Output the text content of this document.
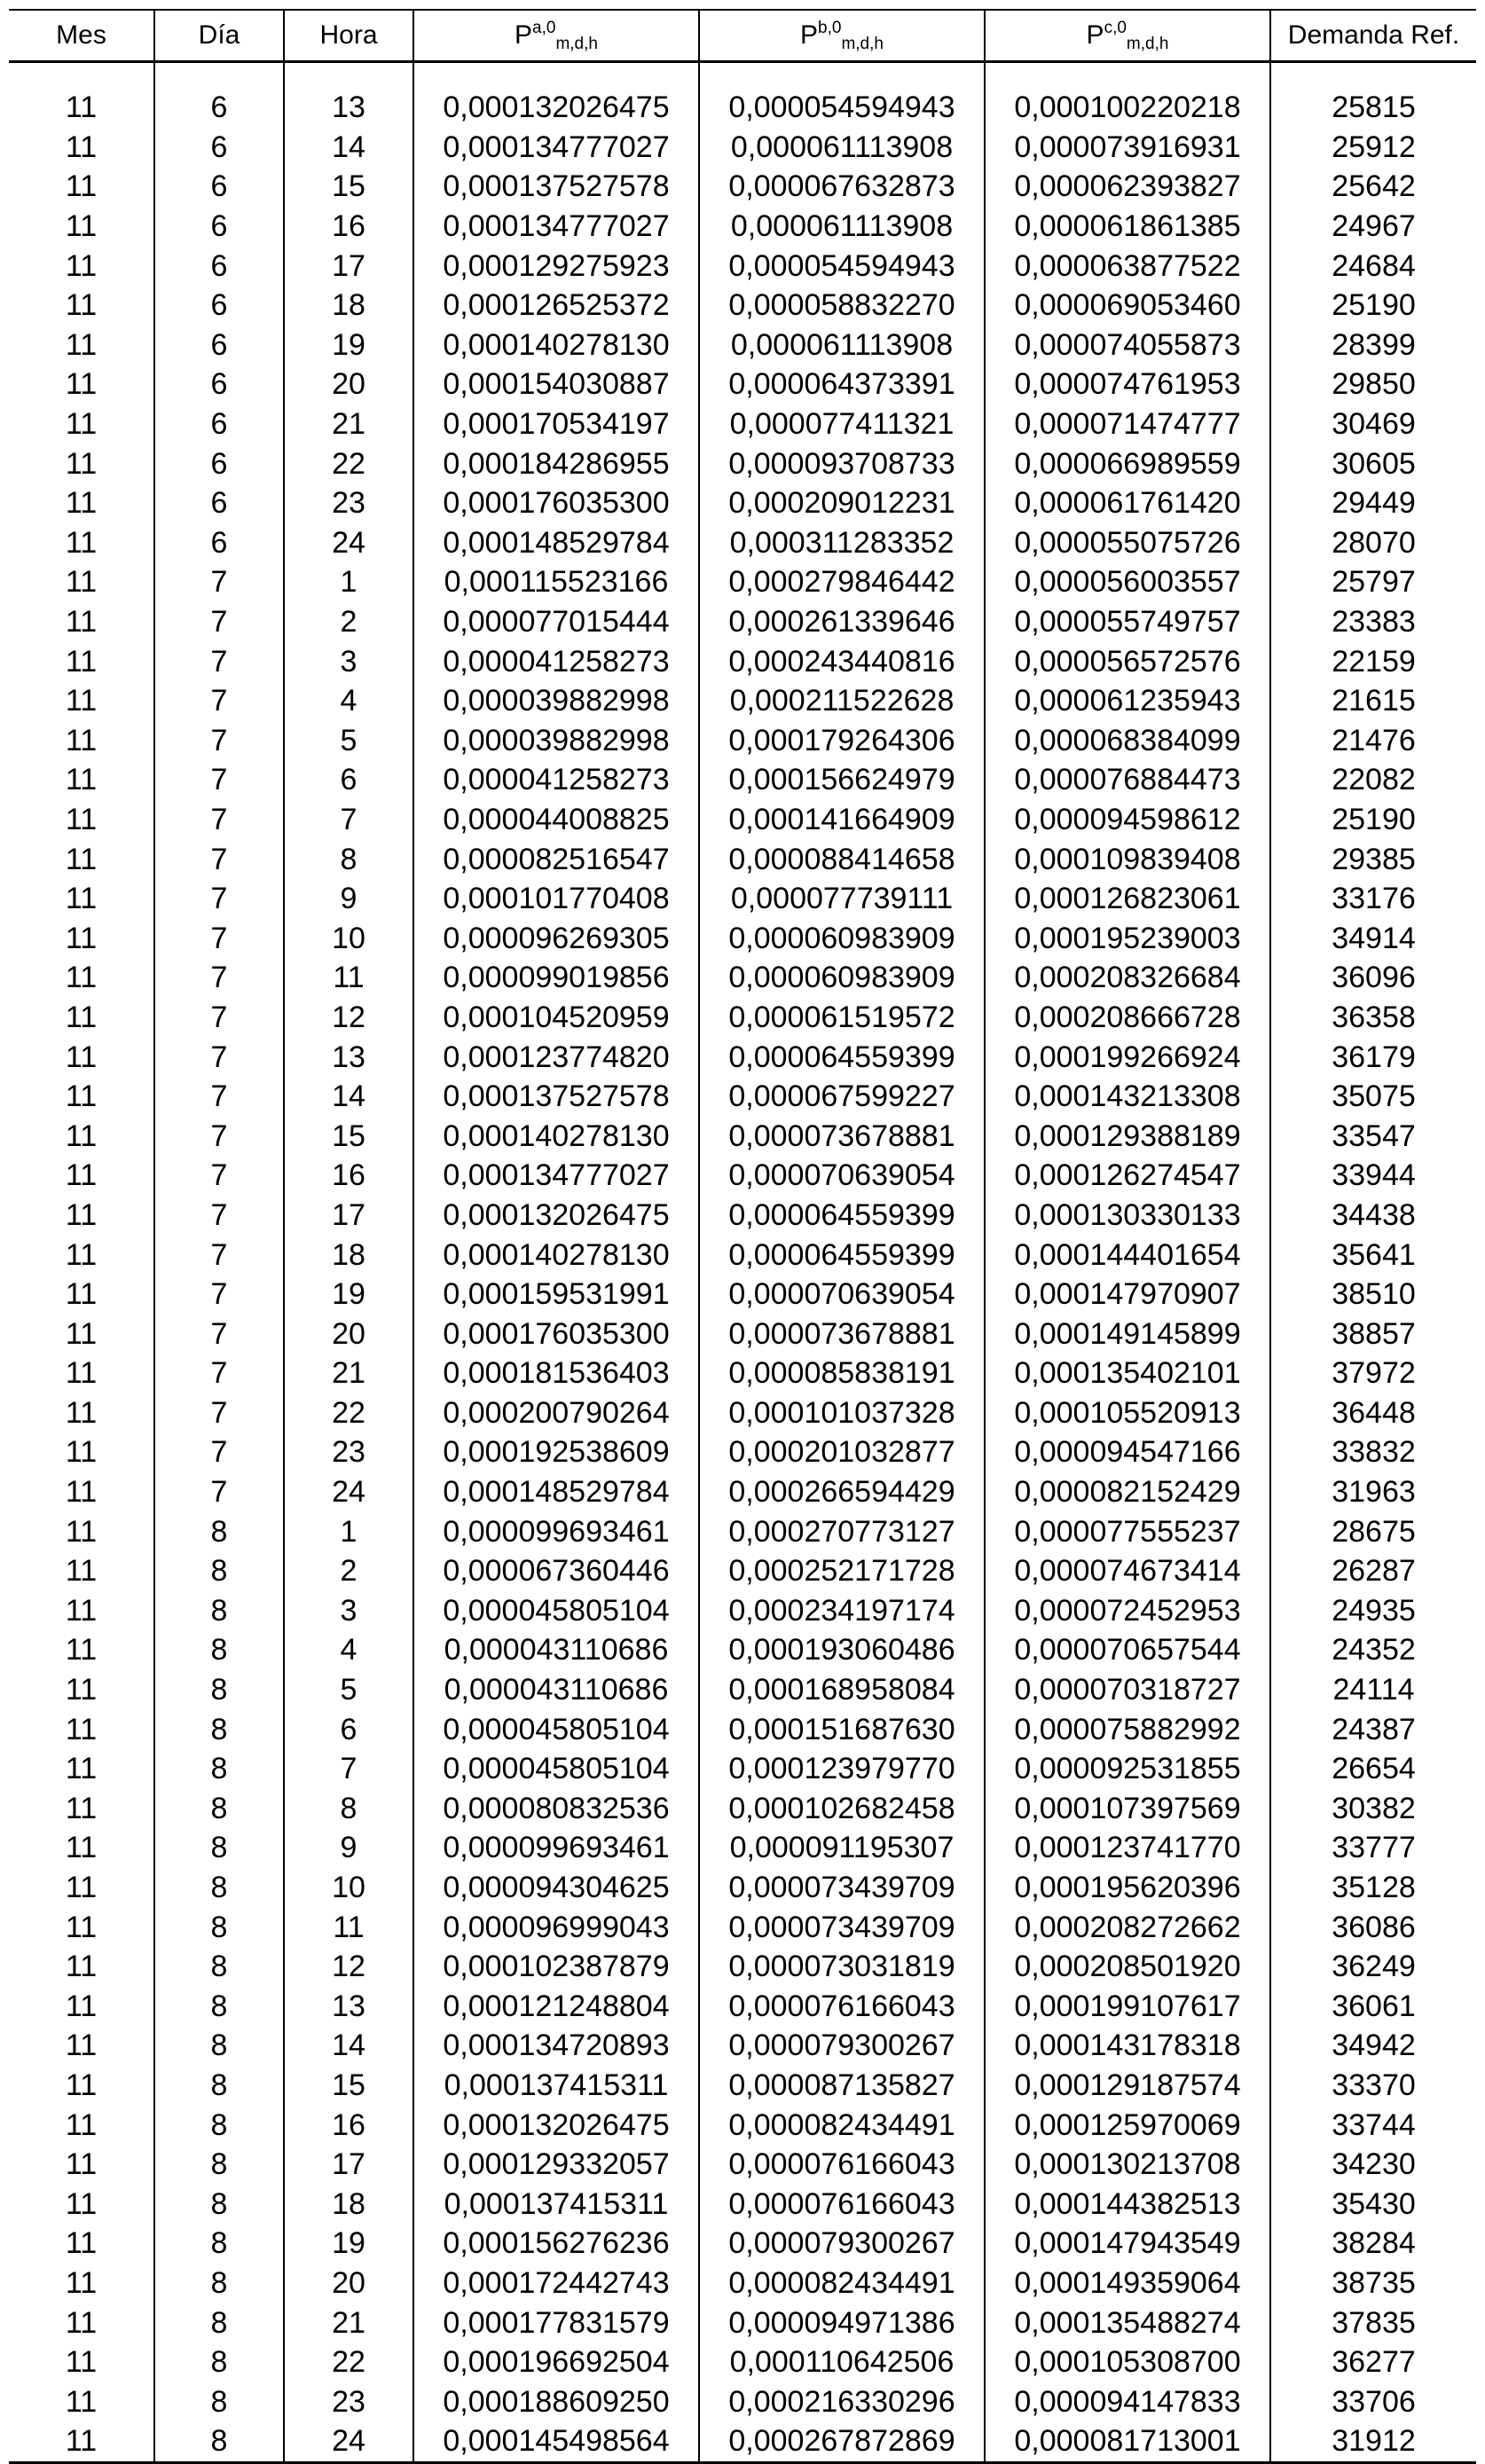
Mes	Día	Hora	P$^{a,0}_{m,d,h}$	P$^{b,0}_{m,d,h}$	P$^{c,0}_{m,d,h}$	Demanda Ref.
11	6	13	0,000132026475	0,000054594943	0,000100220218	25815
11	6	14	0,000134777027	0,000061113908	0,000073916931	25912
11	6	15	0,000137527578	0,000067632873	0,000062393827	25642
11	6	16	0,000134777027	0,000061113908	0,000061861385	24967
11	6	17	0,000129275923	0,000054594943	0,000063877522	24684
11	6	18	0,000126525372	0,000058832270	0,000069053460	25190
11	6	19	0,000140278130	0,000061113908	0,000074055873	28399
11	6	20	0,000154030887	0,000064373391	0,000074761953	29850
11	6	21	0,000170534197	0,000077411321	0,000071474777	30469
11	6	22	0,000184286955	0,000093708733	0,000066989559	30605
11	6	23	0,000176035300	0,000209012231	0,000061761420	29449
11	6	24	0,000148529784	0,000311283352	0,000055075726	28070
11	7	1	0,000115523166	0,000279846442	0,000056003557	25797
11	7	2	0,000077015444	0,000261339646	0,000055749757	23383
11	7	3	0,000041258273	0,000243440816	0,000056572576	22159
11	7	4	0,000039882998	0,000211522628	0,000061235943	21615
11	7	5	0,000039882998	0,000179264306	0,000068384099	21476
11	7	6	0,000041258273	0,000156624979	0,000076884473	22082
11	7	7	0,000044008825	0,000141664909	0,000094598612	25190
11	7	8	0,000082516547	0,000088414658	0,000109839408	29385
11	7	9	0,000101770408	0,000077739111	0,000126823061	33176
11	7	10	0,000096269305	0,000060983909	0,000195239003	34914
11	7	11	0,000099019856	0,000060983909	0,000208326684	36096
11	7	12	0,000104520959	0,000061519572	0,000208666728	36358
11	7	13	0,000123774820	0,000064559399	0,000199266924	36179
11	7	14	0,000137527578	0,000067599227	0,000143213308	35075
11	7	15	0,000140278130	0,000073678881	0,000129388189	33547
11	7	16	0,000134777027	0,000070639054	0,000126274547	33944
11	7	17	0,000132026475	0,000064559399	0,000130330133	34438
11	7	18	0,000140278130	0,000064559399	0,000144401654	35641
11	7	19	0,000159531991	0,000070639054	0,000147970907	38510
11	7	20	0,000176035300	0,000073678881	0,000149145899	38857
11	7	21	0,000181536403	0,000085838191	0,000135402101	37972
11	7	22	0,000200790264	0,000101037328	0,000105520913	36448
11	7	23	0,000192538609	0,000201032877	0,000094547166	33832
11	7	24	0,000148529784	0,000266594429	0,000082152429	31963
11	8	1	0,000099693461	0,000270773127	0,000077555237	28675
11	8	2	0,000067360446	0,000252171728	0,000074673414	26287
11	8	3	0,000045805104	0,000234197174	0,000072452953	24935
11	8	4	0,000043110686	0,000193060486	0,000070657544	24352
11	8	5	0,000043110686	0,000168958084	0,000070318727	24114
11	8	6	0,000045805104	0,000151687630	0,000075882992	24387
11	8	7	0,000045805104	0,000123979770	0,000092531855	26654
11	8	8	0,000080832536	0,000102682458	0,000107397569	30382
11	8	9	0,000099693461	0,000091195307	0,000123741770	33777
11	8	10	0,000094304625	0,000073439709	0,000195620396	35128
11	8	11	0,000096999043	0,000073439709	0,000208272662	36086
11	8	12	0,000102387879	0,000073031819	0,000208501920	36249
11	8	13	0,000121248804	0,000076166043	0,000199107617	36061
11	8	14	0,000134720893	0,000079300267	0,000143178318	34942
11	8	15	0,000137415311	0,000087135827	0,000129187574	33370
11	8	16	0,000132026475	0,000082434491	0,000125970069	33744
11	8	17	0,000129332057	0,000076166043	0,000130213708	34230
11	8	18	0,000137415311	0,000076166043	0,000144382513	35430
11	8	19	0,000156276236	0,000079300267	0,000147943549	38284
11	8	20	0,000172442743	0,000082434491	0,000149359064	38735
11	8	21	0,000177831579	0,000094971386	0,000135488274	37835
11	8	22	0,000196692504	0,000110642506	0,000105308700	36277
11	8	23	0,000188609250	0,000216330296	0,000094147833	33706
11	8	24	0,000145498564	0,000267872869	0,000081713001	31912
